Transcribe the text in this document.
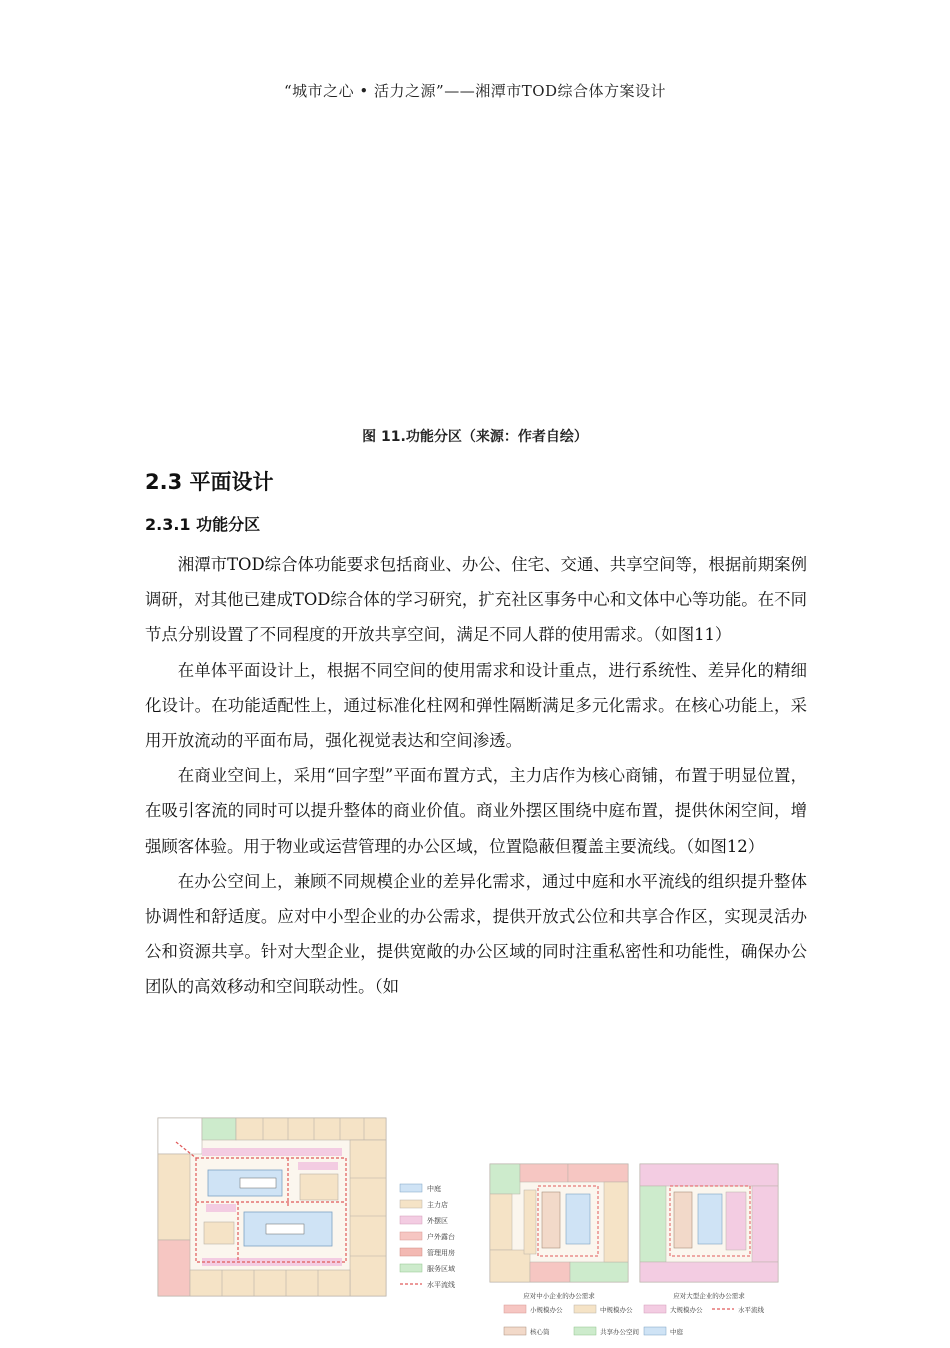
“城市之心 • 活力之源”——湘潭市TOD综合体方案设计
图 11.功能分区（来源：作者自绘）
2.3 平面设计
2.3.1 功能分区

湘潭市TOD综合体功能要求包括商业、办公、住宅、交通、共享空间等，根据前期案例调研，对其他已建成TOD综合体的学习研究，扩充社区事务中心和文体中心等功能。在不同节点分别设置了不同程度的开放共享空间，满足不同人群的使用需求。（如图11）

在单体平面设计上，根据不同空间的使用需求和设计重点，进行系统性、差异化的精细化设计。在功能适配性上，通过标准化柱网和弹性隔断满足多元化需求。在核心功能上，采用开放流动的平面布局，强化视觉表达和空间渗透。

在商业空间上，采用“回字型”平面布置方式，主力店作为核心商铺，布置于明显位置，在吸引客流的同时可以提升整体的商业价值。商业外摆区围绕中庭布置，提供休闲空间，增强顾客体验。用于物业或运营管理的办公区域，位置隐蔽但覆盖主要流线。（如图12）

在办公空间上，兼顾不同规模企业的差异化需求，通过中庭和水平流线的组织提升整体协调性和舒适度。应对中小型企业的办公需求，提供开放式公位和共享合作区，实现灵活办公和资源共享。针对大型企业，提供宽敞的办公区域的同时注重私密性和功能性，确保办公团队的高效移动和空间联动性。（如

中庭
主力店
外摆区
户外露台
管理用房
服务区域
水平流线
应对中小企业的办公需求	应对大型企业的办公需求
小规模办公	中规模办公	大规模办公	水平流线
核心筒	共享办公空间	中庭
